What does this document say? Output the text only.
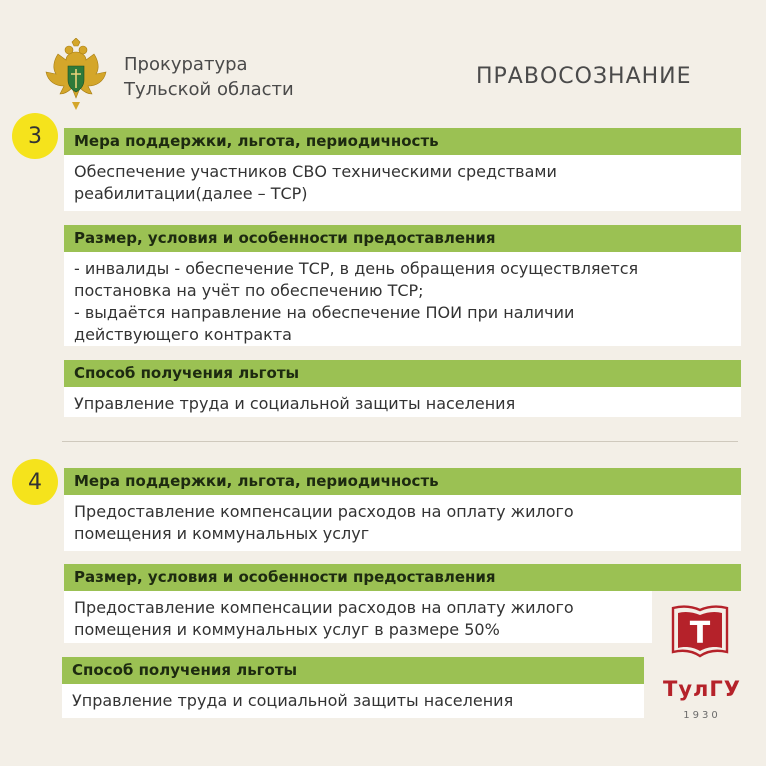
Прокуратура
Тульской области
ПРАВОСОЗНАНИЕ
3	Мера поддержки, льгота, периодичность
Обеспечение участников СВО техническими средствами
реабилитации(далее – ТСР)
Размер, условия и особенности предоставления
- инвалиды - обеспечение ТСР, в день обращения осуществляется
постановка на учёт по обеспечению ТСР;
- выдаётся направление на обеспечение ПОИ при наличии
действующего контракта
Способ получения льготы
Управление труда и социальной защиты населения
4	Мера поддержки, льгота, периодичность
Предоставление компенсации расходов на оплату жилого
помещения и коммунальных услуг
Размер, условия и особенности предоставления
Предоставление компенсации расходов на оплату жилого
помещения и коммунальных услуг в размере 50%
Способ получения льготы
Управление труда и социальной защиты населения
Т
ТулГУ
1930
